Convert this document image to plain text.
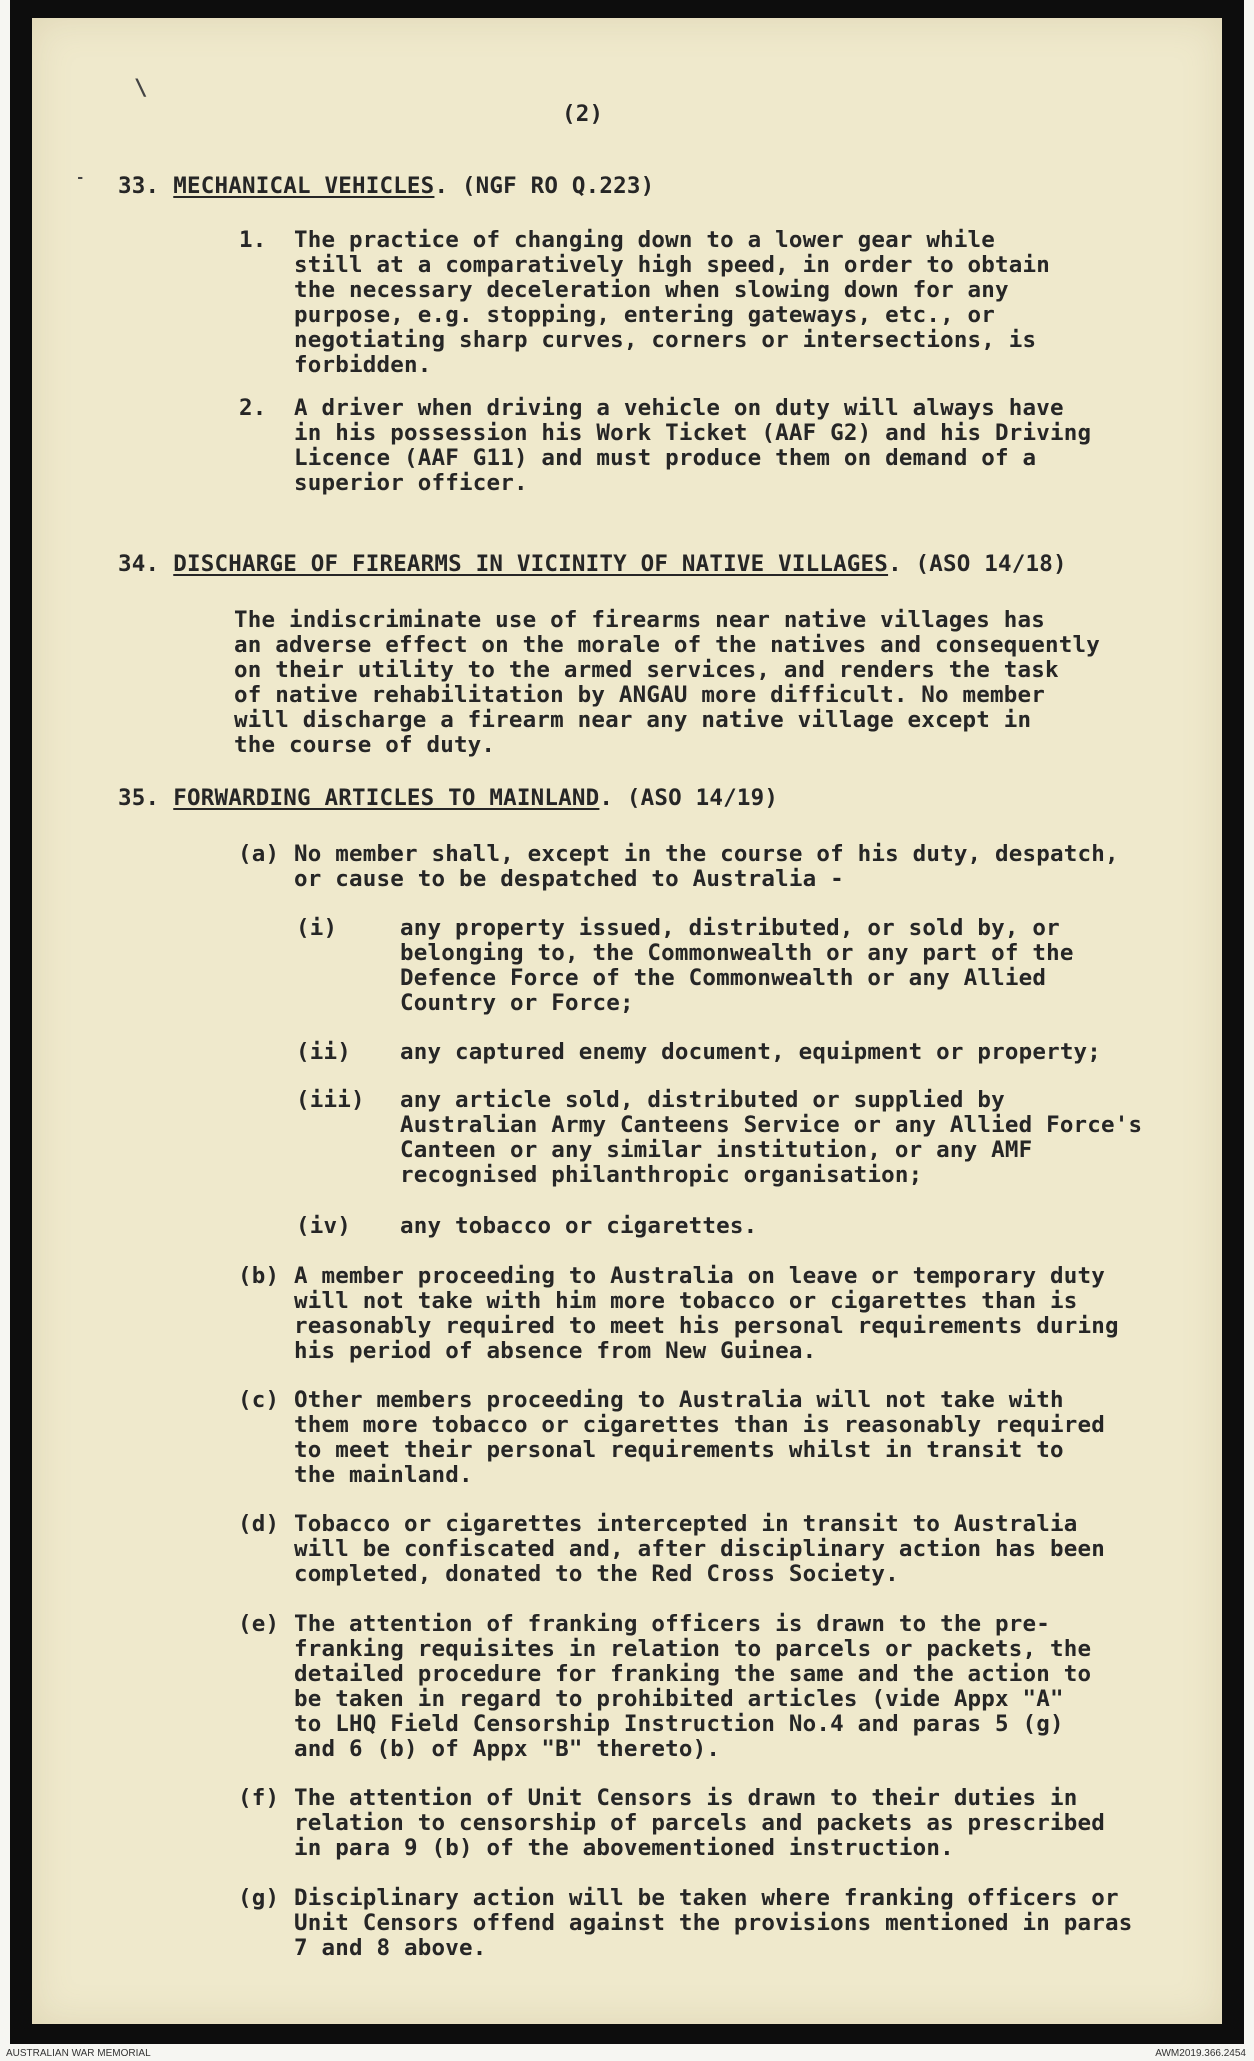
\
-
(2)
33. MECHANICAL VEHICLES. (NGF RO Q.223)
1. The practice of changing down to a lower gear while
still at a comparatively high speed, in order to obtain
the necessary deceleration when slowing down for any
purpose, e.g. stopping, entering gateways, etc., or
negotiating sharp curves, corners or intersections, is
forbidden.
2. A driver when driving a vehicle on duty will always have
in his possession his Work Ticket (AAF G2) and his Driving
Licence (AAF G11) and must produce them on demand of a
superior officer.
34. DISCHARGE OF FIREARMS IN VICINITY OF NATIVE VILLAGES. (ASO 14/18)
The indiscriminate use of firearms near native villages has
an adverse effect on the morale of the natives and consequently
on their utility to the armed services, and renders the task
of native rehabilitation by ANGAU more difficult. No member
will discharge a firearm near any native village except in
the course of duty.
35. FORWARDING ARTICLES TO MAINLAND. (ASO 14/19)
(a) No member shall, except in the course of his duty, despatch,
or cause to be despatched to Australia -
(i)	any property issued, distributed, or sold by, or
belonging to, the Commonwealth or any part of the
Defence Force of the Commonwealth or any Allied
Country or Force;
(ii) any captured enemy document, equipment or property;
(iii) any article sold, distributed or supplied by
Australian Army Canteens Service or any Allied Force's
Canteen or any similar institution, or any AMF
recognised philanthropic organisation;
(iv) any tobacco or cigarettes.
(b) A member proceeding to Australia on leave or temporary duty
will not take with him more tobacco or cigarettes than is
reasonably required to meet his personal requirements during
his period of absence from New Guinea.
(c) Other members proceeding to Australia will not take with
them more tobacco or cigarettes than is reasonably required
to meet their personal requirements whilst in transit to
the mainland.
(d) Tobacco or cigarettes intercepted in transit to Australia
will be confiscated and, after disciplinary action has been
completed, donated to the Red Cross Society.
(e) The attention of franking officers is drawn to the pre-
franking requisites in relation to parcels or packets, the
detailed procedure for franking the same and the action to
be taken in regard to prohibited articles (vide Appx "A"
to LHQ Field Censorship Instruction No.4 and paras 5 (g)
and 6 (b) of Appx "B" thereto).
(f) The attention of Unit Censors is drawn to their duties in
relation to censorship of parcels and packets as prescribed
in para 9 (b) of the abovementioned instruction.
(g) Disciplinary action will be taken where franking officers or
Unit Censors offend against the provisions mentioned in paras
7 and 8 above.
AUSTRALIAN WAR MEMORIAL	AWM2019.366.2454
